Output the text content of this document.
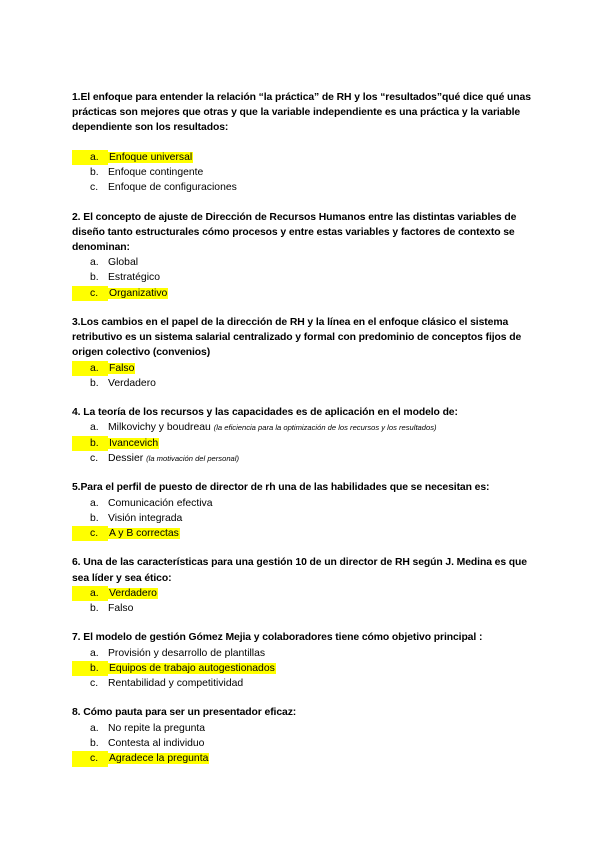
1.El enfoque para entender la relación “la práctica” de RH y los “resultados”qué dice qué unas prácticas son mejores que otras y que la variable independiente es una práctica y la variable dependiente son los resultados:
a. Enfoque universal
b. Enfoque contingente
c. Enfoque de configuraciones
2. El concepto de ajuste de Dirección de Recursos Humanos entre las distintas variables de diseño tanto estructurales cómo procesos y entre estas variables y factores de contexto se denominan:
a. Global
b. Estratégico
c. Organizativo
3.Los cambios en el papel de la dirección de RH y la línea en el enfoque clásico el sistema retributivo es un sistema salarial centralizado y formal con predominio de conceptos fijos de origen colectivo (convenios)
a. Falso
b. Verdadero
4. La teoría de los recursos y las capacidades es de aplicación en el modelo de:
a. Milkovichy y boudreau (la eficiencia para la optimización de los recursos y los resultados)
b. Ivancevich
c. Dessier (la motivación del personal)
5.Para el perfil de puesto de director de rh una de las habilidades que se necesitan es:
a. Comunicación efectiva
b. Visión integrada
c. A y B correctas
6. Una de las características para una gestión 10 de un director de RH según J. Medina es que sea líder y sea ético:
a. Verdadero
b. Falso
7. El modelo de gestión Gómez Mejia y colaboradores tiene cómo objetivo principal :
a. Provisión y desarrollo de plantillas
b. Equipos de trabajo autogestionados
c. Rentabilidad y competitividad
8. Cómo pauta para ser un presentador eficaz:
a. No repite la pregunta
b. Contesta al individuo
c. Agradece la pregunta
